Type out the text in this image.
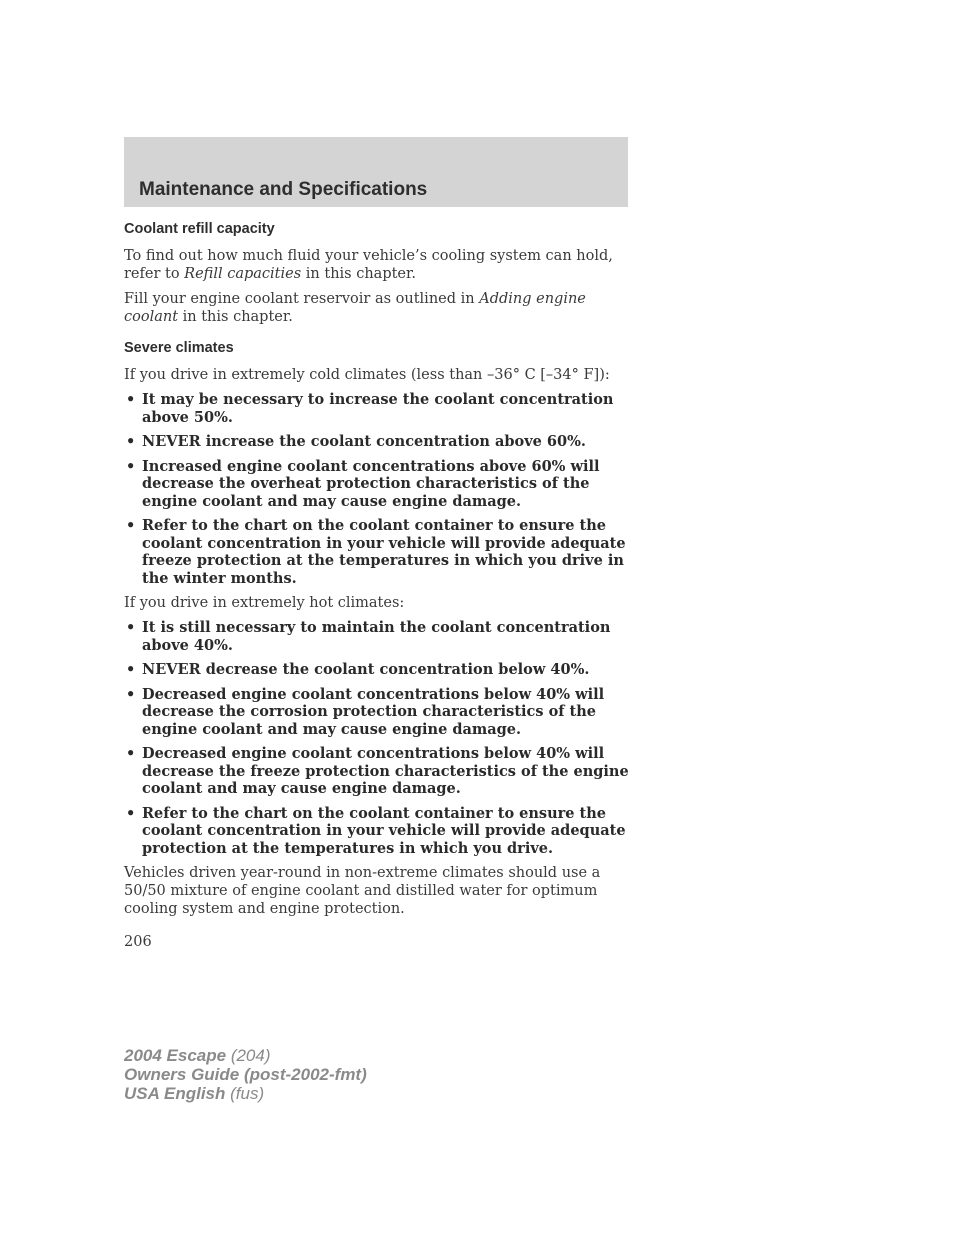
Maintenance and Specifications
Coolant refill capacity

To find out how much fluid your vehicle’s cooling system can hold, refer to Refill capacities in this chapter.

Fill your engine coolant reservoir as outlined in Adding engine coolant in this chapter.

Severe climates

If you drive in extremely cold climates (less than –36° C [–34° F]):

• It may be necessary to increase the coolant concentration above 50%.
• NEVER increase the coolant concentration above 60%.
• Increased engine coolant concentrations above 60% will decrease the overheat protection characteristics of the engine coolant and may cause engine damage.
• Refer to the chart on the coolant container to ensure the coolant concentration in your vehicle will provide adequate freeze protection at the temperatures in which you drive in the winter months.

If you drive in extremely hot climates:

• It is still necessary to maintain the coolant concentration above 40%.
• NEVER decrease the coolant concentration below 40%.
• Decreased engine coolant concentrations below 40% will decrease the corrosion protection characteristics of the engine coolant and may cause engine damage.
• Decreased engine coolant concentrations below 40% will decrease the freeze protection characteristics of the engine coolant and may cause engine damage.
• Refer to the chart on the coolant container to ensure the coolant concentration in your vehicle will provide adequate protection at the temperatures in which you drive.

Vehicles driven year-round in non-extreme climates should use a 50/50 mixture of engine coolant and distilled water for optimum cooling system and engine protection.

206
2004 Escape (204)
Owners Guide (post-2002-fmt)
USA English (fus)
